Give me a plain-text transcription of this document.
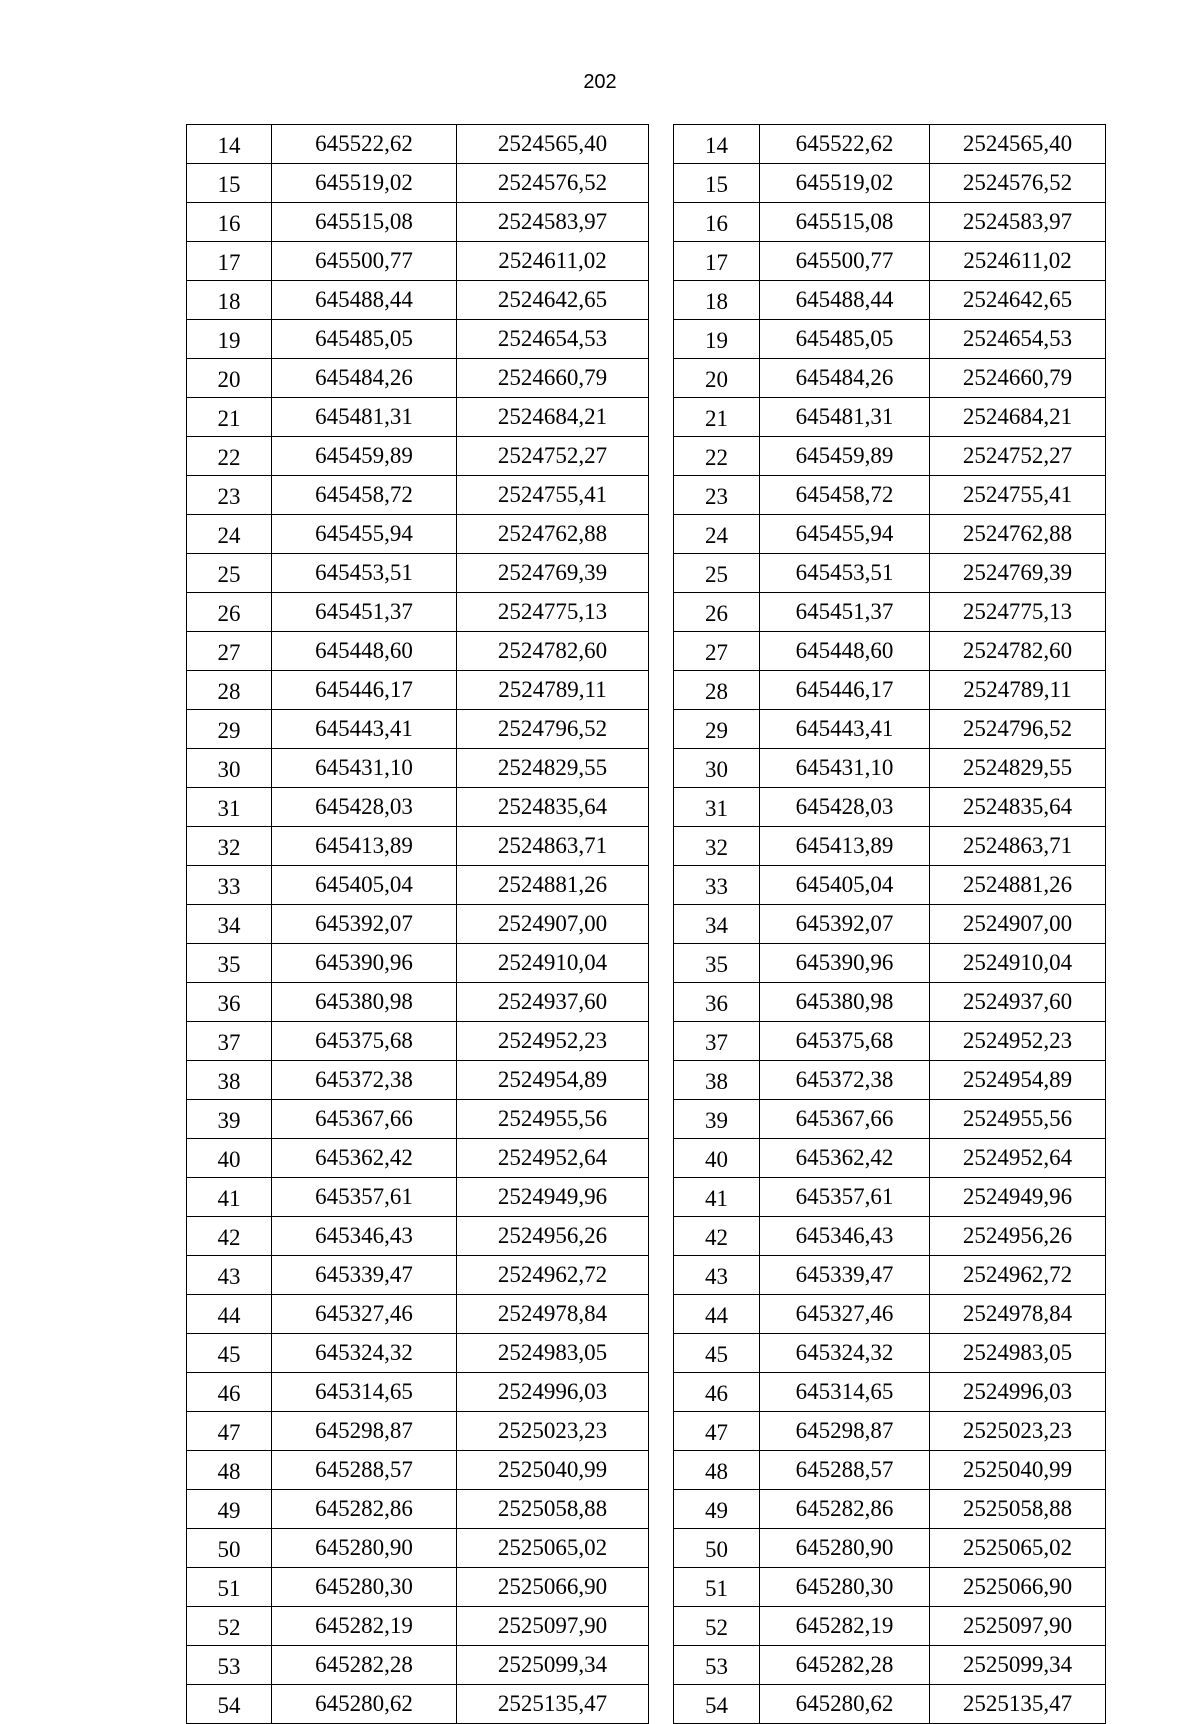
202
14	645522,62	2524565,40
15	645519,02	2524576,52
16	645515,08	2524583,97
17	645500,77	2524611,02
18	645488,44	2524642,65
19	645485,05	2524654,53
20	645484,26	2524660,79
21	645481,31	2524684,21
22	645459,89	2524752,27
23	645458,72	2524755,41
24	645455,94	2524762,88
25	645453,51	2524769,39
26	645451,37	2524775,13
27	645448,60	2524782,60
28	645446,17	2524789,11
29	645443,41	2524796,52
30	645431,10	2524829,55
31	645428,03	2524835,64
32	645413,89	2524863,71
33	645405,04	2524881,26
34	645392,07	2524907,00
35	645390,96	2524910,04
36	645380,98	2524937,60
37	645375,68	2524952,23
38	645372,38	2524954,89
39	645367,66	2524955,56
40	645362,42	2524952,64
41	645357,61	2524949,96
42	645346,43	2524956,26
43	645339,47	2524962,72
44	645327,46	2524978,84
45	645324,32	2524983,05
46	645314,65	2524996,03
47	645298,87	2525023,23
48	645288,57	2525040,99
49	645282,86	2525058,88
50	645280,90	2525065,02
51	645280,30	2525066,90
52	645282,19	2525097,90
53	645282,28	2525099,34
54	645280,62	2525135,47
14	645522,62	2524565,40
15	645519,02	2524576,52
16	645515,08	2524583,97
17	645500,77	2524611,02
18	645488,44	2524642,65
19	645485,05	2524654,53
20	645484,26	2524660,79
21	645481,31	2524684,21
22	645459,89	2524752,27
23	645458,72	2524755,41
24	645455,94	2524762,88
25	645453,51	2524769,39
26	645451,37	2524775,13
27	645448,60	2524782,60
28	645446,17	2524789,11
29	645443,41	2524796,52
30	645431,10	2524829,55
31	645428,03	2524835,64
32	645413,89	2524863,71
33	645405,04	2524881,26
34	645392,07	2524907,00
35	645390,96	2524910,04
36	645380,98	2524937,60
37	645375,68	2524952,23
38	645372,38	2524954,89
39	645367,66	2524955,56
40	645362,42	2524952,64
41	645357,61	2524949,96
42	645346,43	2524956,26
43	645339,47	2524962,72
44	645327,46	2524978,84
45	645324,32	2524983,05
46	645314,65	2524996,03
47	645298,87	2525023,23
48	645288,57	2525040,99
49	645282,86	2525058,88
50	645280,90	2525065,02
51	645280,30	2525066,90
52	645282,19	2525097,90
53	645282,28	2525099,34
54	645280,62	2525135,47
